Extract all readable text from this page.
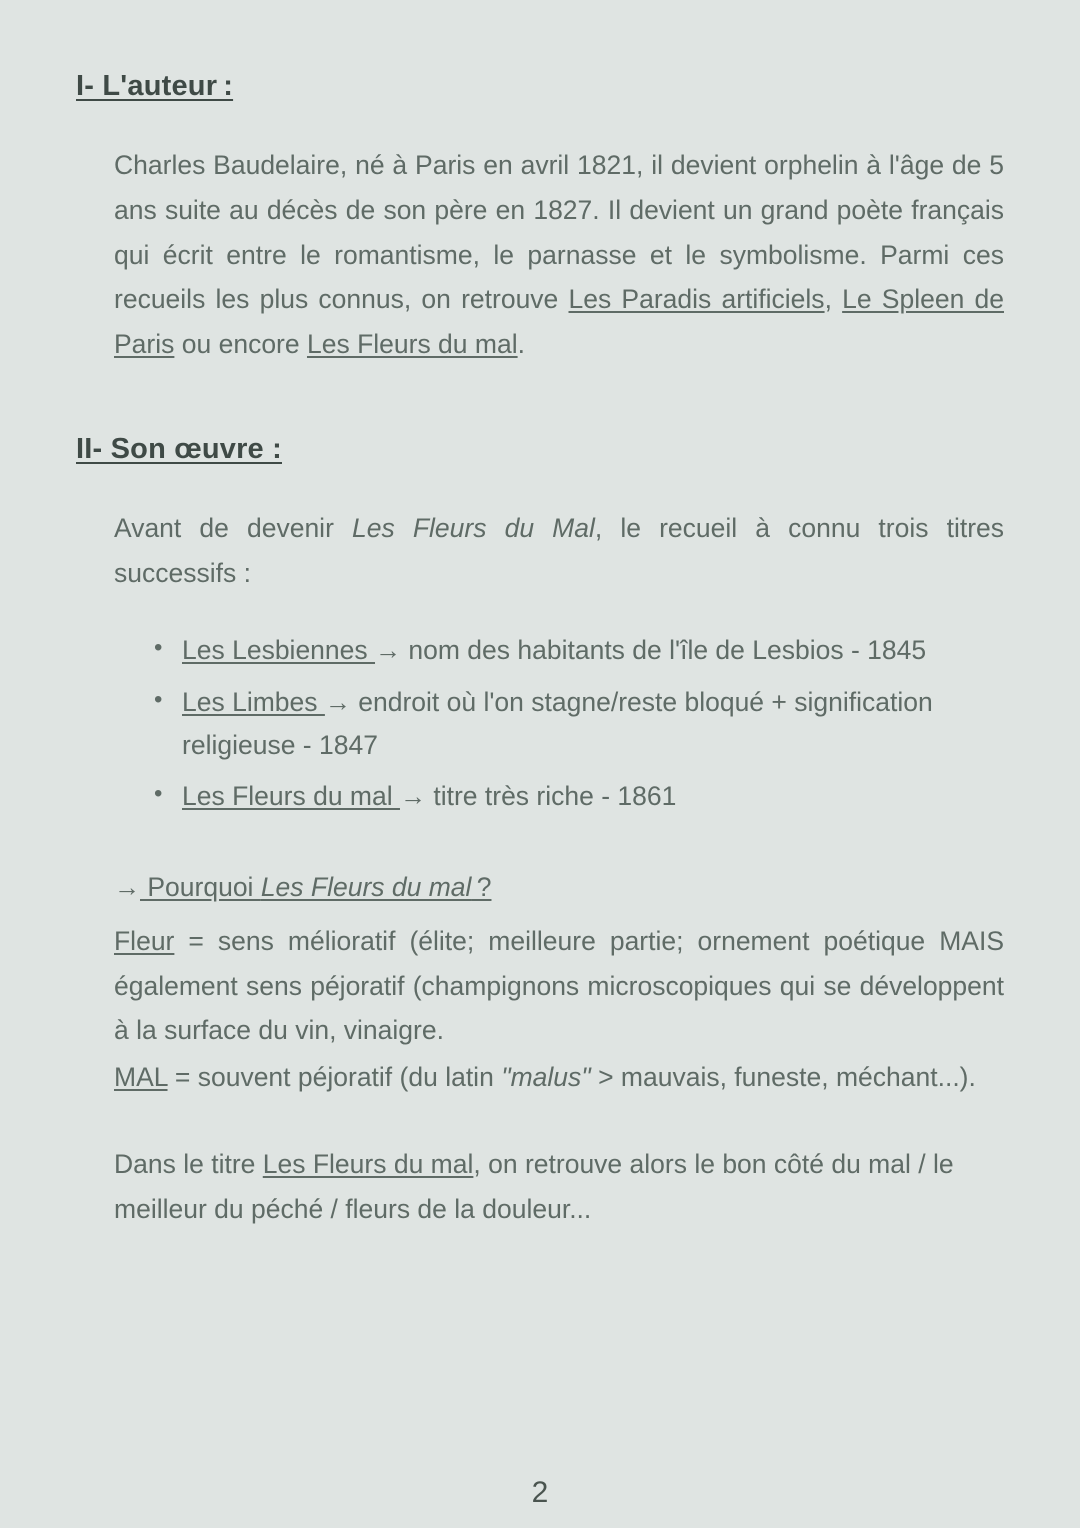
I- L'auteur :

Charles Baudelaire, né à Paris en avril 1821, il devient orphelin à l'âge de 5 ans suite au décès de son père en 1827. Il devient un grand poète français qui écrit entre le romantisme, le parnasse et le symbolisme. Parmi ces recueils les plus connus, on retrouve Les Paradis artificiels, Le Spleen de Paris ou encore Les Fleurs du mal.

II- Son œuvre :

Avant de devenir Les Fleurs du Mal, le recueil à connu trois titres successifs :

• Les Lesbiennes → nom des habitants de l'île de Lesbios - 1845
• Les Limbes → endroit où l'on stagne/reste bloqué + signification religieuse - 1847
• Les Fleurs du mal → titre très riche - 1861

→ Pourquoi Les Fleurs du mal ?

Fleur = sens mélioratif (élite; meilleure partie; ornement poétique MAIS également sens péjoratif (champignons microscopiques qui se développent à la surface du vin, vinaigre.

MAL = souvent péjoratif (du latin "malus" > mauvais, funeste, méchant...).

Dans le titre Les Fleurs du mal, on retrouve alors le bon côté du mal / le meilleur du péché / fleurs de la douleur...

2
